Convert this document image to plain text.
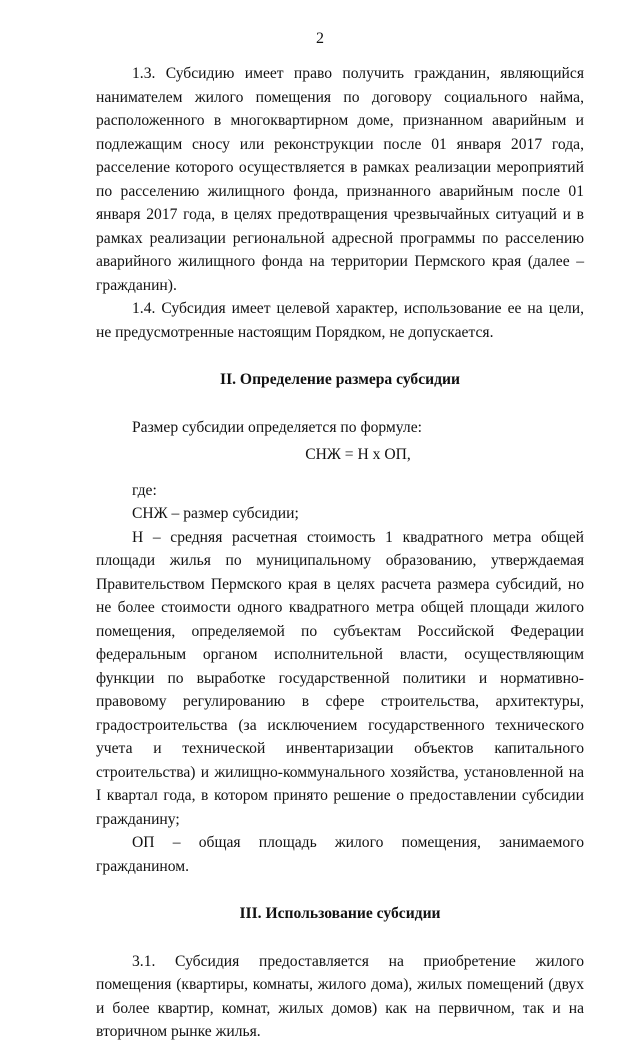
2

1.3. Субсидию имеет право получить гражданин, являющийся нанимателем жилого помещения по договору социального найма, расположенного в многоквартирном доме, признанном аварийным и подлежащим сносу или реконструкции после 01 января 2017 года, расселение которого осуществляется в рамках реализации мероприятий по расселению жилищного фонда, признанного аварийным после 01 января 2017 года, в целях предотвращения чрезвычайных ситуаций и в рамках реализации региональной адресной программы по расселению аварийного жилищного фонда на территории Пермского края (далее – гражданин).

1.4. Субсидия имеет целевой характер, использование ее на цели, не предусмотренные настоящим Порядком, не допускается.

II. Определение размера субсидии

Размер субсидии определяется по формуле:

СНЖ = Н х ОП,

где:

СНЖ – размер субсидии;

Н – средняя расчетная стоимость 1 квадратного метра общей площади жилья по муниципальному образованию, утверждаемая Правительством Пермского края в целях расчета размера субсидий, но не более стоимости одного квадратного метра общей площади жилого помещения, определяемой по субъектам Российской Федерации федеральным органом исполнительной власти, осуществляющим функции по выработке государственной политики и нормативно-правовому регулированию в сфере строительства, архитектуры, градостроительства (за исключением государственного технического учета и технической инвентаризации объектов капитального строительства) и жилищно-коммунального хозяйства, установленной на I квартал года, в котором принято решение о предоставлении субсидии гражданину;

ОП – общая площадь жилого помещения, занимаемого гражданином.

III. Использование субсидии

3.1. Субсидия предоставляется на приобретение жилого помещения (квартиры, комнаты, жилого дома), жилых помещений (двух и более квартир, комнат, жилых домов) как на первичном, так и на вторичном рынке жилья.
